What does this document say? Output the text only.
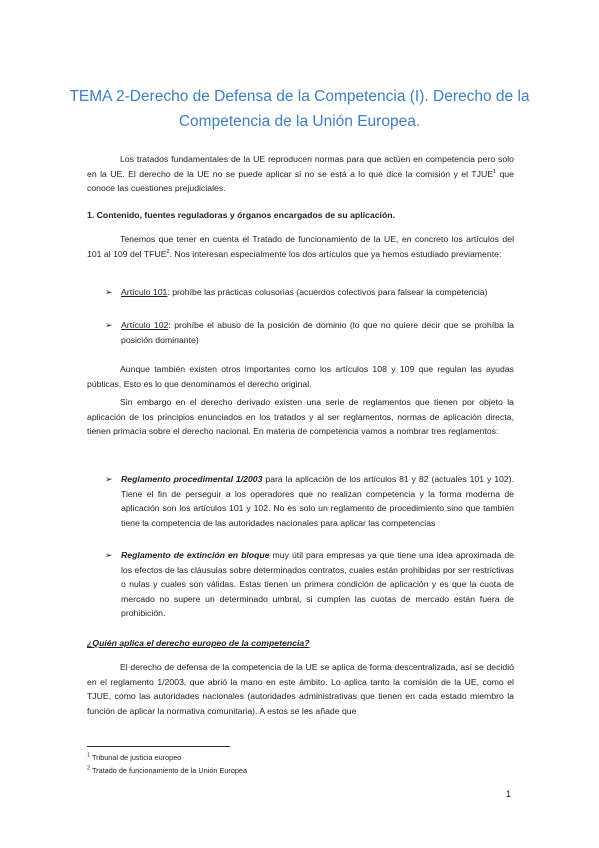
TEMA 2-Derecho de Defensa de la Competencia (I). Derecho de la Competencia de la Unión Europea.

Los tratados fundamentales de la UE reproducen normas para que actúen en competencia pero solo en la UE. El derecho de la UE no se puede aplicar si no se está a lo que dice la comisión y el TJUE$^1$ que conoce las cuestiones prejudiciales.

1. Contenido, fuentes reguladoras y órganos encargados de su aplicación.

Tenemos que tener en cuenta el Tratado de funcionamiento de la UE, en concreto los artículos del 101 al 109 del TFUE$^2$. Nos interesan especialmente los dos artículos que ya hemos estudiado previamente:

➢ Artículo 101: prohíbe las prácticas colusorias (acuerdos colectivos para falsear la competencia)

➢ Artículo 102: prohíbe el abuso de la posición de dominio (lo que no quiere decir que se prohíba la posición dominante)

Aunque también existen otros importantes como los artículos 108 y 109 que regulan las ayudas públicas. Esto es lo que denominamos el derecho original.

Sin embargo en el derecho derivado existen una serie de reglamentos que tienen por objeto la aplicación de los principios enunciados en los tratados y al ser reglamentos, normas de aplicación directa, tienen primacía sobre el derecho nacional. En materia de competencia vamos a nombrar tres reglamentos:

➢ Reglamento procedimental 1/2003 para la aplicación de los artículos 81 y 82 (actuales 101 y 102). Tiene el fin de perseguir a los operadores que no realizan competencia y la forma moderna de aplicación son los artículos 101 y 102. No es solo un reglamento de procedimiento sino que también tiene la competencia de las autoridades nacionales para aplicar las competencias

➢ Reglamento de extinción en bloque muy útil para empresas ya que tiene una idea aproximada de los efectos de las cláusulas sobre determinados contratos, cuales están prohibidas por ser restrictivas o nulas y cuales son válidas. Estas tienen un primera condición de aplicación y es que la cuota de mercado no supere un determinado umbral, si cumplen las cuotas de mercado están fuera de prohibición.

¿Quién aplica el derecho europeo de la competencia?

El derecho de defensa de la competencia de la UE se aplica de forma descentralizada, así se decidió en el reglamento 1/2003, que abrió la mano en este ámbito. Lo aplica tanto la comisión de la UE, como el TJUE, como las autoridades nacionales (autoridades administrativas que tienen en cada estado miembro la función de aplicar la normativa comunitaria). A estos se les añade que

$^1$ Tribunal de justicia europeo

$^2$ Tratado de funcionamiento de la Unión Europea

1
